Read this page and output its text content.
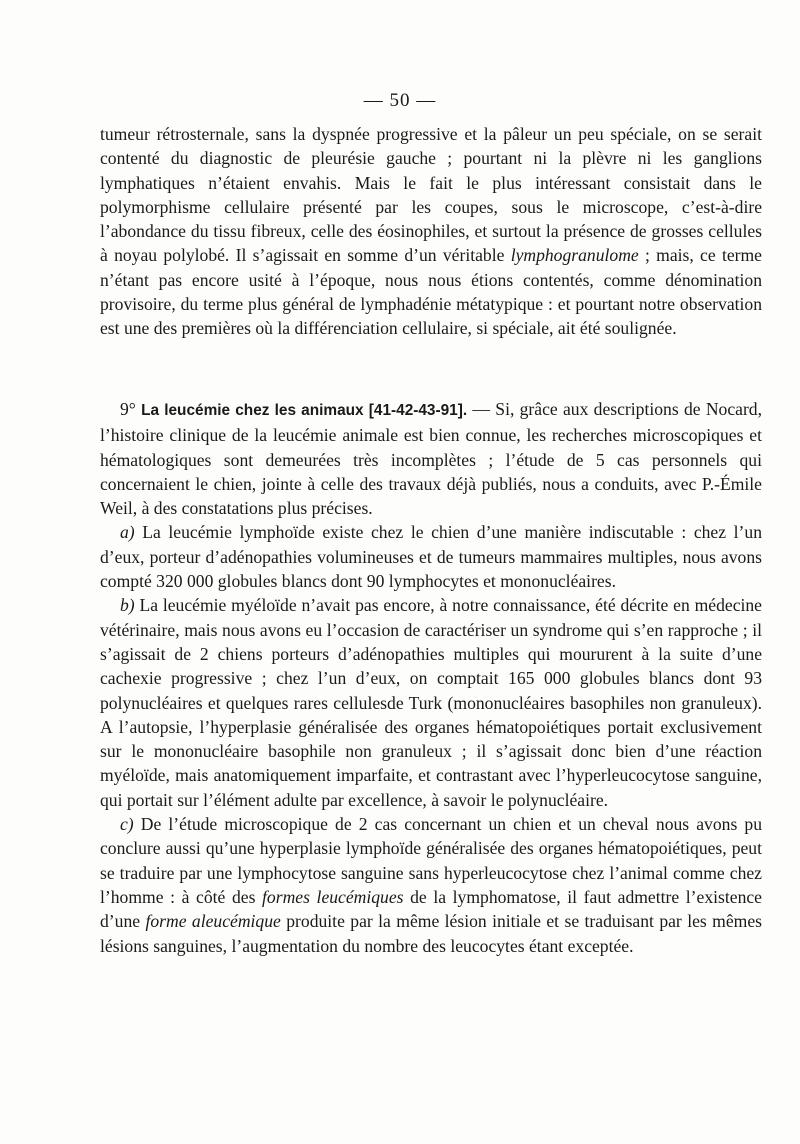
— 50 —

tumeur rétrosternale, sans la dyspnée progressive et la pâleur un peu spéciale, on se serait contenté du diagnostic de pleurésie gauche ; pourtant ni la plèvre ni les ganglions lymphatiques n’étaient envahis. Mais le fait le plus intéressant consistait dans le polymorphisme cellulaire présenté par les coupes, sous le microscope, c’est-à-dire l’abondance du tissu fibreux, celle des éosinophiles, et surtout la présence de grosses cellules à noyau polylobé. Il s’agissait en somme d’un véritable lymphogranulome ; mais, ce terme n’étant pas encore usité à l’époque, nous nous étions contentés, comme dénomination provisoire, du terme plus général de lymphadénie métatypique : et pourtant notre observation est une des premières où la différenciation cellulaire, si spéciale, ait été soulignée.

9° La leucémie chez les animaux [41-42-43-91]. — Si, grâce aux descriptions de Nocard, l’histoire clinique de la leucémie animale est bien connue, les recherches microscopiques et hématologiques sont demeurées très incomplètes ; l’étude de 5 cas personnels qui concernaient le chien, jointe à celle des travaux déjà publiés, nous a conduits, avec P.-Émile Weil, à des constatations plus précises.

a) La leucémie lymphoïde existe chez le chien d’une manière indiscutable : chez l’un d’eux, porteur d’adénopathies volumineuses et de tumeurs mammaires multiples, nous avons compté 320 000 globules blancs dont 90 lymphocytes et mononucléaires.

b) La leucémie myéloïde n’avait pas encore, à notre connaissance, été décrite en médecine vétérinaire, mais nous avons eu l’occasion de caractériser un syndrome qui s’en rapproche ; il s’agissait de 2 chiens porteurs d’adénopathies multiples qui moururent à la suite d’une cachexie progressive ; chez l’un d’eux, on comptait 165 000 globules blancs dont 93 polynucléaires et quelques rares cellulesde Turk (mononucléaires basophiles non granuleux). A l’autopsie, l’hyperplasie généralisée des organes hématopoiétiques portait exclusivement sur le mononucléaire basophile non granuleux ; il s’agissait donc bien d’une réaction myéloïde, mais anatomiquement imparfaite, et contrastant avec l’hyperleucocytose sanguine, qui portait sur l’élément adulte par excellence, à savoir le polynucléaire.

c) De l’étude microscopique de 2 cas concernant un chien et un cheval nous avons pu conclure aussi qu’une hyperplasie lymphoïde généralisée des organes hématopoiétiques, peut se traduire par une lymphocytose sanguine sans hyperleucocytose chez l’animal comme chez l’homme : à côté des formes leucémiques de la lymphomatose, il faut admettre l’existence d’une forme aleucémique produite par la même lésion initiale et se traduisant par les mêmes lésions sanguines, l’augmentation du nombre des leucocytes étant exceptée.
